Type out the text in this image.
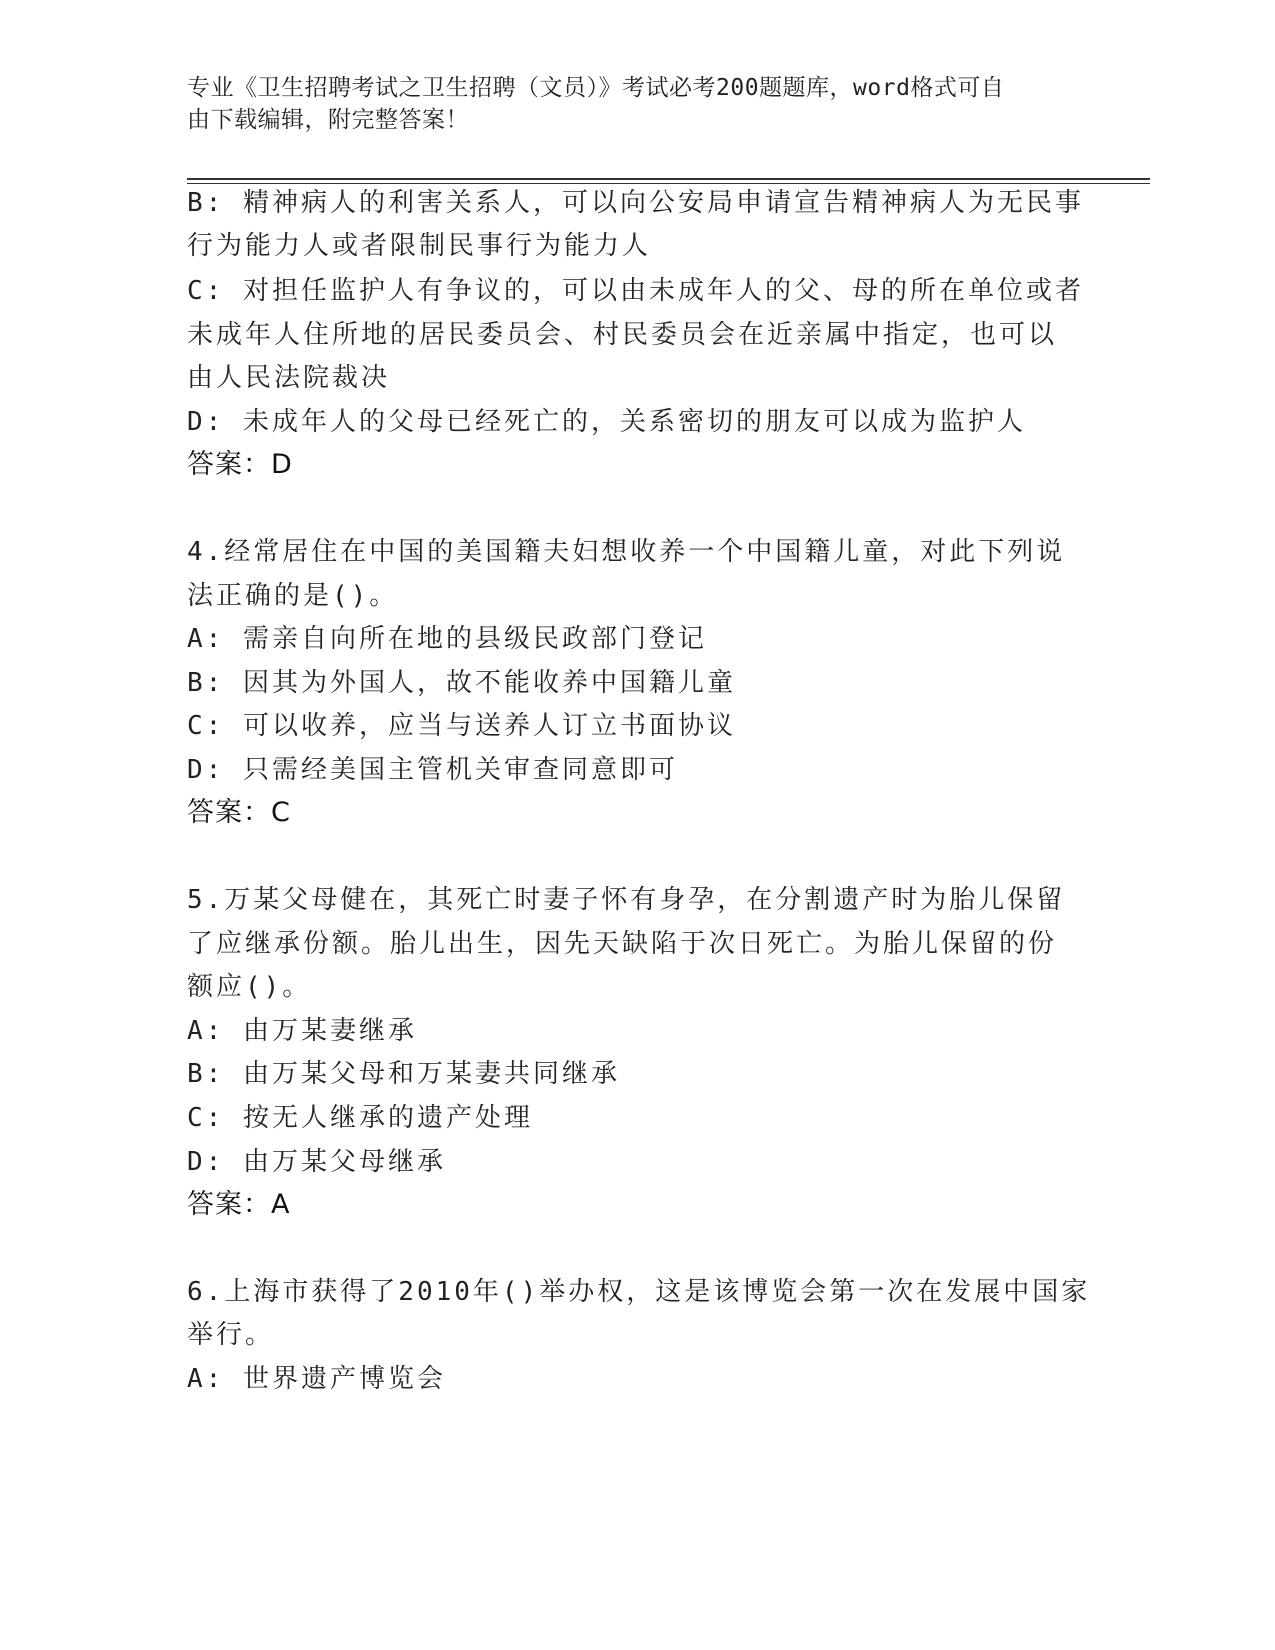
专业《卫生招聘考试之卫生招聘（文员）》考试必考200题题库，word格式可自
由下载编辑，附完整答案！
B: 精神病人的利害关系人，可以向公安局申请宣告精神病人为无民事
行为能力人或者限制民事行为能力人
C: 对担任监护人有争议的，可以由未成年人的父、母的所在单位或者
未成年人住所地的居民委员会、村民委员会在近亲属中指定，也可以
由人民法院裁决
D: 未成年人的父母已经死亡的，关系密切的朋友可以成为监护人
答案：D
4.经常居住在中国的美国籍夫妇想收养一个中国籍儿童，对此下列说
法正确的是()。
A: 需亲自向所在地的县级民政部门登记
B: 因其为外国人，故不能收养中国籍儿童
C: 可以收养，应当与送养人订立书面协议
D: 只需经美国主管机关审查同意即可
答案：C
5.万某父母健在，其死亡时妻子怀有身孕，在分割遗产时为胎儿保留
了应继承份额。胎儿出生，因先天缺陷于次日死亡。为胎儿保留的份
额应()。
A: 由万某妻继承
B: 由万某父母和万某妻共同继承
C: 按无人继承的遗产处理
D: 由万某父母继承
答案：A
6.上海市获得了2010年()举办权，这是该博览会第一次在发展中国家
举行。
A: 世界遗产博览会
